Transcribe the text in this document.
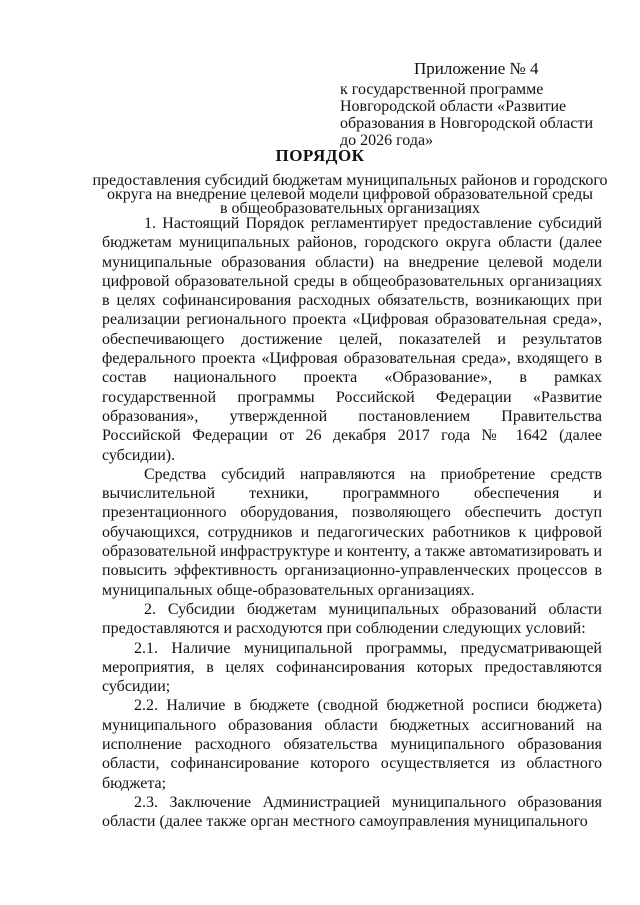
Приложение № 4
к государственной программе
Новгородской области «Развитие
образования в Новгородской области
до 2026 года»
ПОРЯДОК
предоставления субсидий бюджетам муниципальных районов и городского
округа на внедрение целевой модели цифровой образовательной среды
в общеобразовательных организациях

1. Настоящий Порядок регламентирует предоставление субсидий бюджетам муниципальных районов, городского округа области (далее муниципальные образования области) на внедрение целевой модели цифровой образовательной среды в общеобразовательных организациях в целях софинансирования расходных обязательств, возникающих при реализации регионального проекта «Цифровая образовательная среда», обеспечивающего достижение целей, показателей и результатов федерального проекта «Цифровая образовательная среда», входящего в состав национального проекта «Образование», в рамках государственной программы Российской Федерации «Развитие образования», утвержденной постановлением Правительства Российской Федерации от 26 декабря 2017 года № 1642 (далее субсидии).

Средства субсидий направляются на приобретение средств вычислительной техники, программного обеспечения и презентационного оборудования, позволяющего обеспечить доступ обучающихся, сотрудников и педагогических работников к цифровой образовательной инфраструктуре и контенту, а также автоматизировать и повысить эффективность организационно-управленческих процессов в муниципальных обще-образовательных организациях.

2. Субсидии бюджетам муниципальных образований области предоставляются и расходуются при соблюдении следующих условий:

2.1. Наличие муниципальной программы, предусматривающей мероприятия, в целях софинансирования которых предоставляются субсидии;

2.2. Наличие в бюджете (сводной бюджетной росписи бюджета) муниципального образования области бюджетных ассигнований на исполнение расходного обязательства муниципального образования области, софинансирование которого осуществляется из областного бюджета;

2.3. Заключение Администрацией муниципального образования области (далее также орган местного самоуправления муниципального
